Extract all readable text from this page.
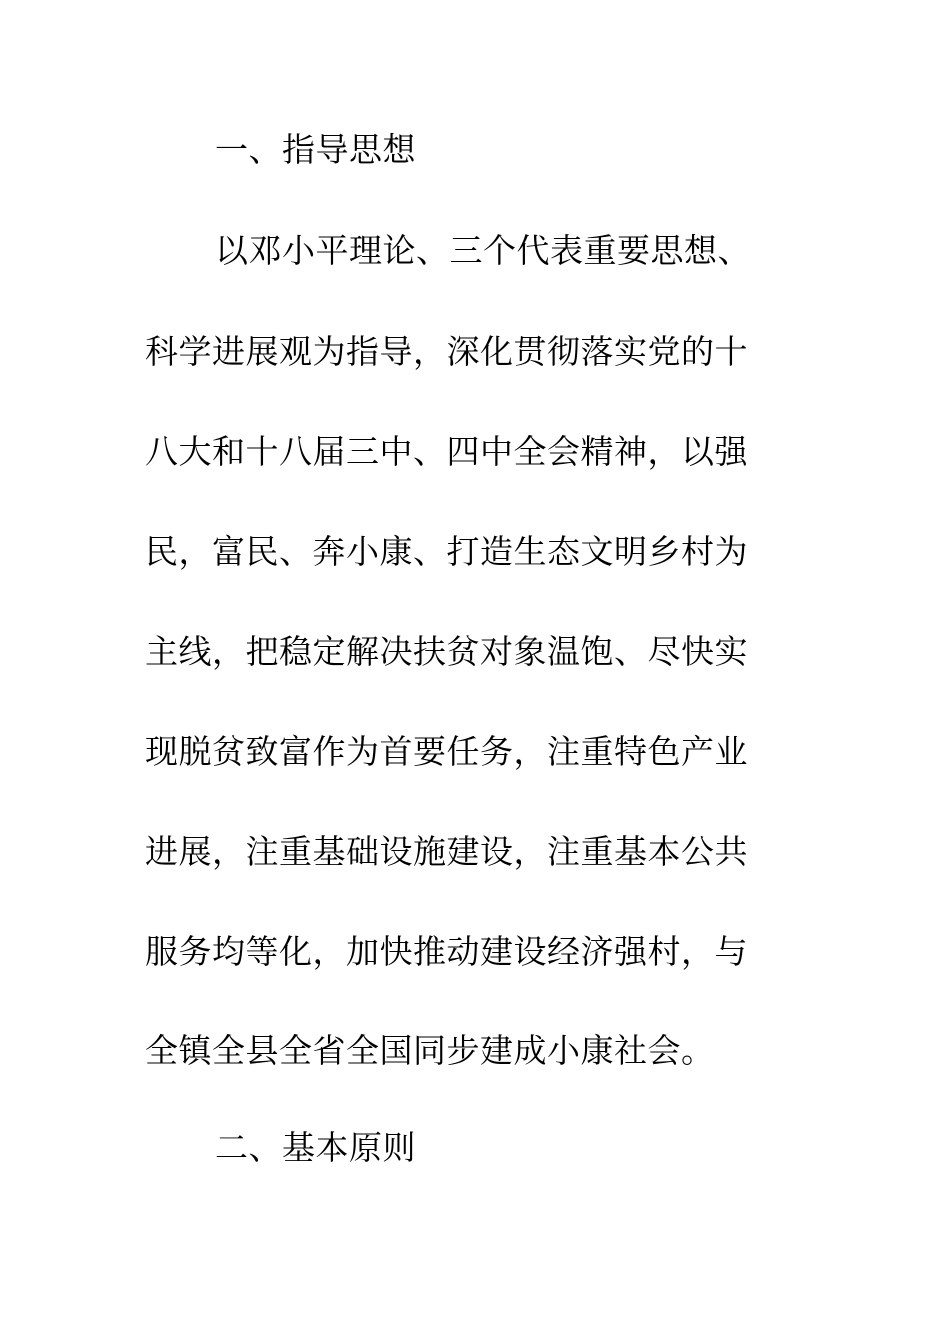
一、指导思想

以邓小平理论、三个代表重要思想、

科学进展观为指导，深化贯彻落实党的十

八大和十八届三中、四中全会精神，以强

民，富民、奔小康、打造生态文明乡村为

主线，把稳定解决扶贫对象温饱、尽快实

现脱贫致富作为首要任务，注重特色产业

进展，注重基础设施建设，注重基本公共

服务均等化，加快推动建设经济强村，与

全镇全县全省全国同步建成小康社会。

二、基本原则
